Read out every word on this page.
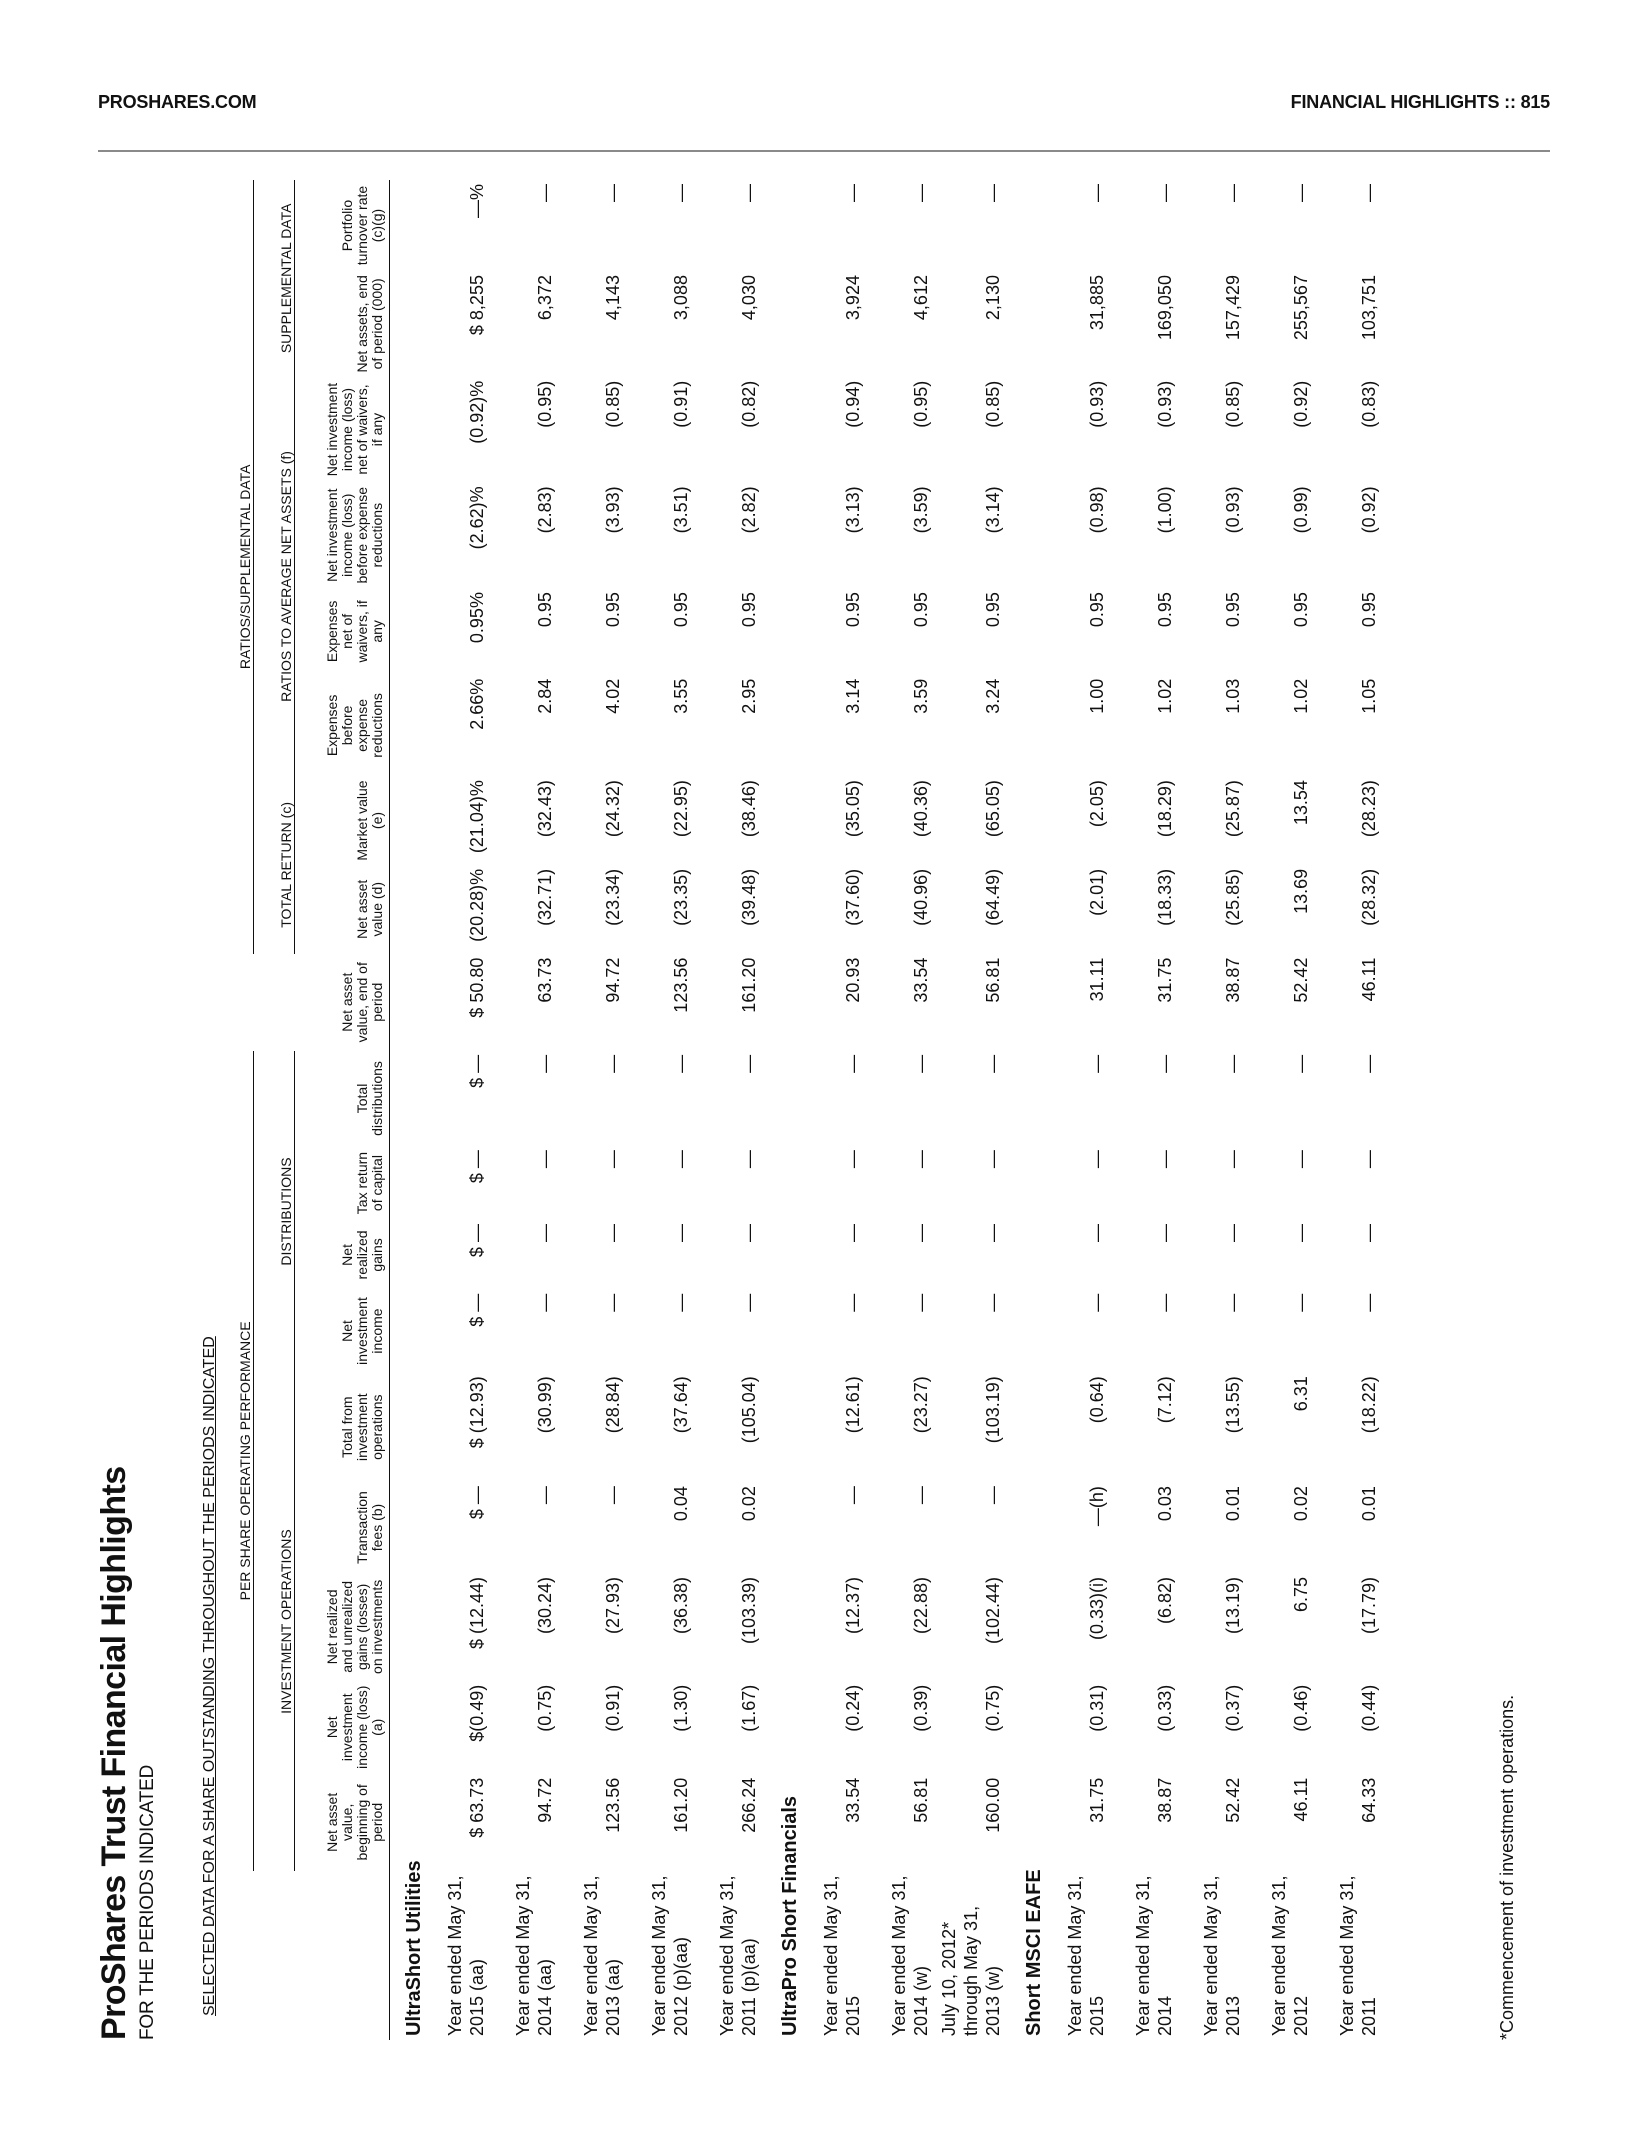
PROSHARES.COM	FINANCIAL HIGHLIGHTS :: 815
ProShares Trust Financial Highlights FOR THE PERIODS INDICATED	SELECTED DATA FOR A SHARE OUTSTANDING THROUGHOUT THE PERIODS INDICATED																		
	PER SHARE OPERATING PERFORMANCE										RATIOS/SUPPLEMENTAL DATA							
	INVESTMENT OPERATIONS					DISTRIBUTIONS					TOTAL RETURN (c)		RATIOS TO AVERAGE NET ASSETS (f)				SUPPLEMENTAL DATA	
	Net asset value, beginning of period	Net investment income (loss) (a)	Net realized and unrealized gains (losses) on investments	Transaction fees (b)	Total from investment operations	Net investment income	Net realized gains	Tax return of capital	Total distributions	Net asset value, end of period	Net asset value (d)	Market value (e)	Expenses before expense reductions	Expenses net of waivers, if any	Net investment income (loss) before expense reductions	Net investment income (loss) net of waivers, if any	Net assets, end of period (000)	Portfolio turnover rate (c)(g)
UltraShort Utilities																		
Year ended May 31, 2015 (aa)	$ 63.73	$(0.49)	$ (12.44)	$ —	$ (12.93)	$ —	$ —	$ —	$ —	$ 50.80	(20.28)%	(21.04)%	2.66%	0.95%	(2.62)%	(0.92)%	$ 8,255	—%
Year ended May 31, 2014 (aa)	94.72	(0.75)	(30.24)	—	(30.99)	—	—	—	—	63.73	(32.71)	(32.43)	2.84	0.95	(2.83)	(0.95)	6,372	—
Year ended May 31, 2013 (aa)	123.56	(0.91)	(27.93)	—	(28.84)	—	—	—	—	94.72	(23.34)	(24.32)	4.02	0.95	(3.93)	(0.85)	4,143	—
Year ended May 31, 2012 (p)(aa)	161.20	(1.30)	(36.38)	0.04	(37.64)	—	—	—	—	123.56	(23.35)	(22.95)	3.55	0.95	(3.51)	(0.91)	3,088	—
Year ended May 31, 2011 (p)(aa)	266.24	(1.67)	(103.39)	0.02	(105.04)	—	—	—	—	161.20	(39.48)	(38.46)	2.95	0.95	(2.82)	(0.82)	4,030	—
UltraPro Short Financials																		
Year ended May 31, 2015	33.54	(0.24)	(12.37)	—	(12.61)	—	—	—	—	20.93	(37.60)	(35.05)	3.14	0.95	(3.13)	(0.94)	3,924	—
Year ended May 31, 2014 (w)	56.81	(0.39)	(22.88)	—	(23.27)	—	—	—	—	33.54	(40.96)	(40.36)	3.59	0.95	(3.59)	(0.95)	4,612	—
July 10, 2012* through May 31, 2013 (w)	160.00	(0.75)	(102.44)	—	(103.19)	—	—	—	—	56.81	(64.49)	(65.05)	3.24	0.95	(3.14)	(0.85)	2,130	—
Short MSCI EAFE																		
Year ended May 31, 2015	31.75	(0.31)	(0.33)(i)	—(h)	(0.64)	—	—	—	—	31.11	(2.01)	(2.05)	1.00	0.95	(0.98)	(0.93)	31,885	—
Year ended May 31, 2014	38.87	(0.33)	(6.82)	0.03	(7.12)	—	—	—	—	31.75	(18.33)	(18.29)	1.02	0.95	(1.00)	(0.93)	169,050	—
Year ended May 31, 2013	52.42	(0.37)	(13.19)	0.01	(13.55)	—	—	—	—	38.87	(25.85)	(25.87)	1.03	0.95	(0.93)	(0.85)	157,429	—
Year ended May 31, 2012	46.11	(0.46)	6.75	0.02	6.31	—	—	—	—	52.42	13.69	13.54	1.02	0.95	(0.99)	(0.92)	255,567	—
Year ended May 31, 2011	64.33	(0.44)	(17.79)	0.01	(18.22)	—	—	—	—	46.11	(28.32)	(28.23)	1.05	0.95	(0.92)	(0.83)	103,751	—
*Commencement of investment operations.
